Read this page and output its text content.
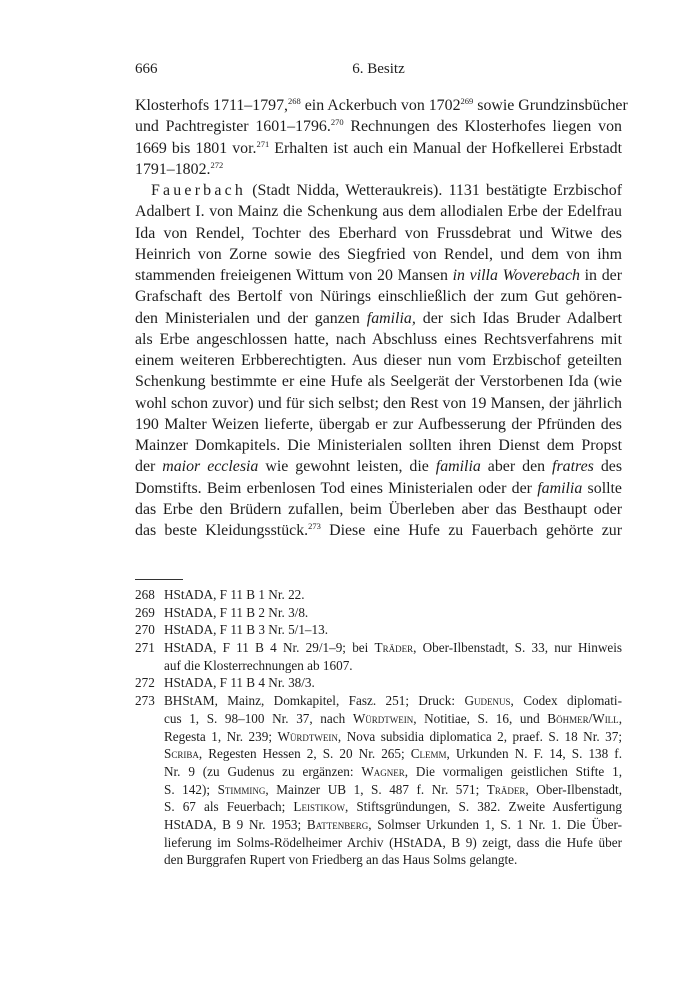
666	6. Besitz
Klosterhofs 1711–1797,$^{268}$ ein Ackerbuch von 1702$^{269}$ sowie Grundzinsbücher
und Pachtregister 1601–1796.$^{270}$ Rechnungen des Klosterhofes liegen von
1669 bis 1801 vor.$^{271}$ Erhalten ist auch ein Manual der Hofkellerei Erbstadt
1791–1802.$^{272}$
Fauerbach (Stadt Nidda, Wetteraukreis). 1131 bestätigte Erzbischof
Adalbert I. von Mainz die Schenkung aus dem allodialen Erbe der Edelfrau
Ida von Rendel, Tochter des Eberhard von Frussdebrat und Witwe des
Heinrich von Zorne sowie des Siegfried von Rendel, und dem von ihm
stammenden freieigenen Wittum von 20 Mansen in villa Woverebach in der
Grafschaft des Bertolf von Nürings einschließlich der zum Gut gehören-
den Ministerialen und der ganzen familia, der sich Idas Bruder Adalbert
als Erbe angeschlossen hatte, nach Abschluss eines Rechtsverfahrens mit
einem weiteren Erbberechtigten. Aus dieser nun vom Erzbischof geteilten
Schenkung bestimmte er eine Hufe als Seelgerät der Verstorbenen Ida (wie
wohl schon zuvor) und für sich selbst; den Rest von 19 Mansen, der jährlich
190 Malter Weizen lieferte, übergab er zur Aufbesserung der Pfründen des
Mainzer Domkapitels. Die Ministerialen sollten ihren Dienst dem Propst
der maior ecclesia wie gewohnt leisten, die familia aber den fratres des
Domstifts. Beim erbenlosen Tod eines Ministerialen oder der familia sollte
das Erbe den Brüdern zufallen, beim Überleben aber das Besthaupt oder
das beste Kleidungsstück.$^{273}$ Diese eine Hufe zu Fauerbach gehörte zur
268 HStADA, F 11 B 1 Nr. 22.
269 HStADA, F 11 B 2 Nr. 3/8.
270 HStADA, F 11 B 3 Nr. 5/1–13.
271 HStADA, F 11 B 4 Nr. 29/1–9; bei Träder, Ober-Ilbenstadt, S. 33, nur Hinweis
auf die Klosterrechnungen ab 1607.
272 HStADA, F 11 B 4 Nr. 38/3.
273 BHStAM, Mainz, Domkapitel, Fasz. 251; Druck: Gudenus, Codex diplomati-
cus 1, S. 98–100 Nr. 37, nach Würdtwein, Notitiae, S. 16, und Böhmer/Will,
Regesta 1, Nr. 239; Würdtwein, Nova subsidia diplomatica 2, praef. S. 18 Nr. 37;
Scriba, Regesten Hessen 2, S. 20 Nr. 265; Clemm, Urkunden N. F. 14, S. 138 f.
Nr. 9 (zu Gudenus zu ergänzen: Wagner, Die vormaligen geistlichen Stifte 1,
S. 142); Stimming, Mainzer UB 1, S. 487 f. Nr. 571; Träder, Ober-Ilbenstadt,
S. 67 als Feuerbach; Leistikow, Stiftsgründungen, S. 382. Zweite Ausfertigung
HStADA, B 9 Nr. 1953; Battenberg, Solmser Urkunden 1, S. 1 Nr. 1. Die Über-
lieferung im Solms-Rödelheimer Archiv (HStADA, B 9) zeigt, dass die Hufe über
den Burggrafen Rupert von Friedberg an das Haus Solms gelangte.
